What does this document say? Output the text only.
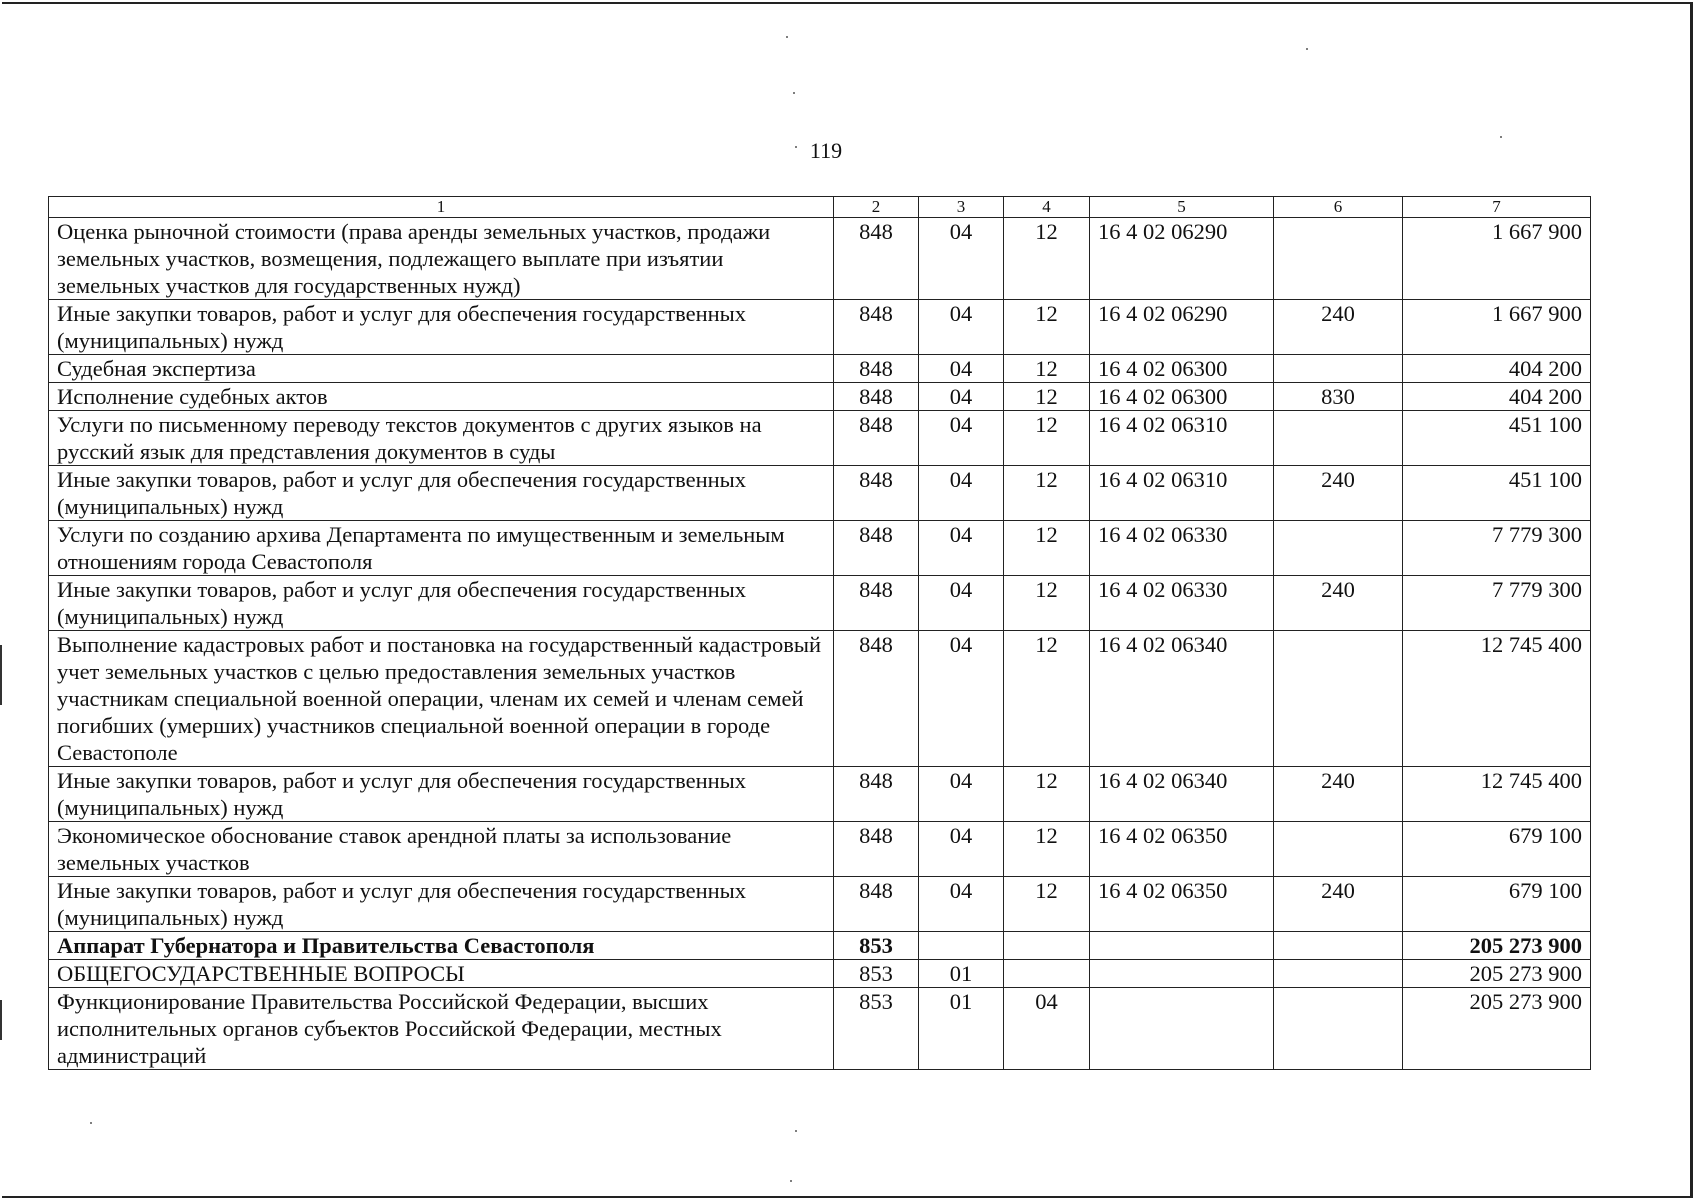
119
1	2	3	4	5	6	7
Оценка рыночной стоимости (права аренды земельных участков, продажи земельных участков, возмещения, подлежащего выплате при изъятии земельных участков для государственных нужд)	848	04	12	16 4 02 06290		1 667 900
Иные закупки товаров, работ и услуг для обеспечения государственных (муниципальных) нужд	848	04	12	16 4 02 06290	240	1 667 900
Судебная экспертиза	848	04	12	16 4 02 06300		404 200
Исполнение судебных актов	848	04	12	16 4 02 06300	830	404 200
Услуги по письменному переводу текстов документов с других языков на русский язык для представления документов в суды	848	04	12	16 4 02 06310		451 100
Иные закупки товаров, работ и услуг для обеспечения государственных (муниципальных) нужд	848	04	12	16 4 02 06310	240	451 100
Услуги по созданию архива Департамента по имущественным и земельным отношениям города Севастополя	848	04	12	16 4 02 06330		7 779 300
Иные закупки товаров, работ и услуг для обеспечения государственных (муниципальных) нужд	848	04	12	16 4 02 06330	240	7 779 300
Выполнение кадастровых работ и постановка на государственный кадастровый учет земельных участков с целью предоставления земельных участков участникам специальной военной операции, членам их семей и членам семей погибших (умерших) участников специальной военной операции в городе Севастополе	848	04	12	16 4 02 06340		12 745 400
Иные закупки товаров, работ и услуг для обеспечения государственных (муниципальных) нужд	848	04	12	16 4 02 06340	240	12 745 400
Экономическое обоснование ставок арендной платы за использование земельных участков	848	04	12	16 4 02 06350		679 100
Иные закупки товаров, работ и услуг для обеспечения государственных (муниципальных) нужд	848	04	12	16 4 02 06350	240	679 100
Аппарат Губернатора и Правительства Севастополя	853					205 273 900
ОБЩЕГОСУДАРСТВЕННЫЕ ВОПРОСЫ	853	01				205 273 900
Функционирование Правительства Российской Федерации, высших исполнительных органов субъектов Российской Федерации, местных администраций	853	01	04			205 273 900
